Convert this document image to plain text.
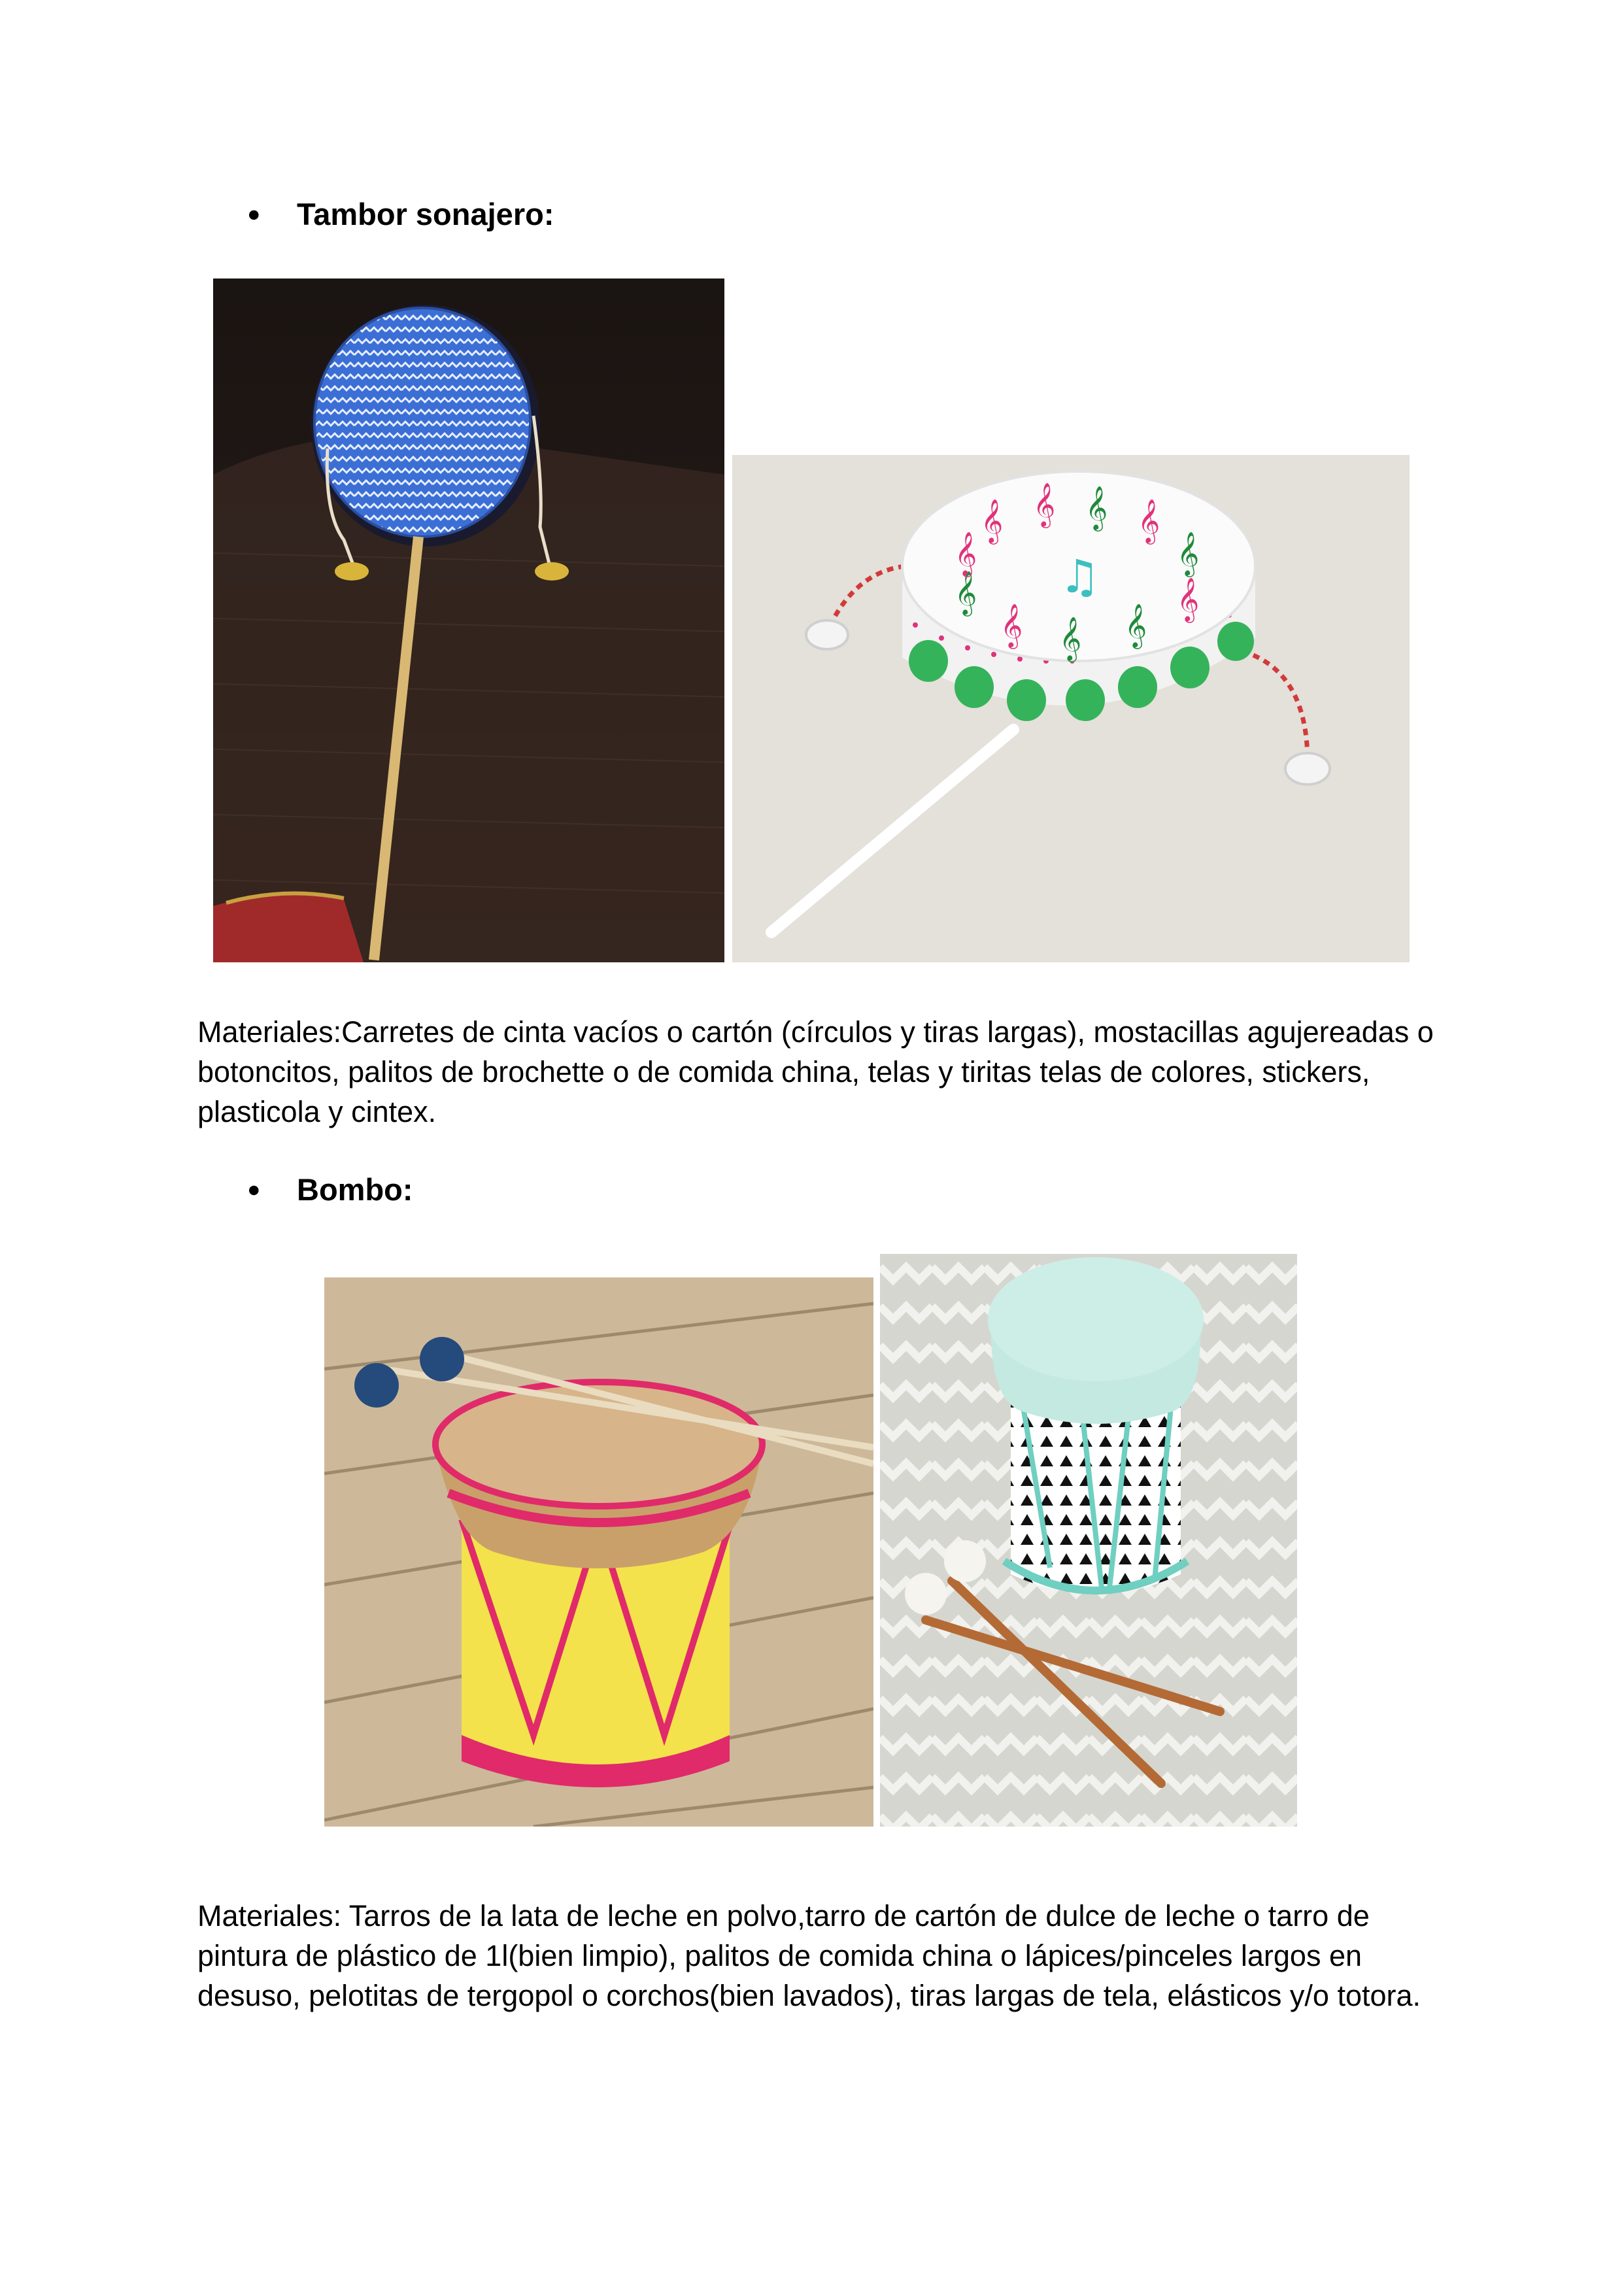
● Tambor sonajero:
𝄞 𝄞 𝄞 𝄞
𝄞
𝄞
𝄞
𝄞
𝄞
𝄞
𝄞 ♫

Materiales:Carretes de cinta vacíos o cartón (círculos y tiras largas), mostacillas agujereadas o botoncitos, palitos de brochette o de comida china, telas y tiritas telas de colores, stickers, plasticola y cintex.

● Bombo:

Materiales: Tarros de la lata de leche en polvo,tarro de cartón de dulce de leche o tarro de pintura de plástico de 1l(bien limpio), palitos de comida china o lápices/pinceles largos en desuso, pelotitas de tergopol o corchos(bien lavados), tiras largas de tela, elásticos y/o totora.
